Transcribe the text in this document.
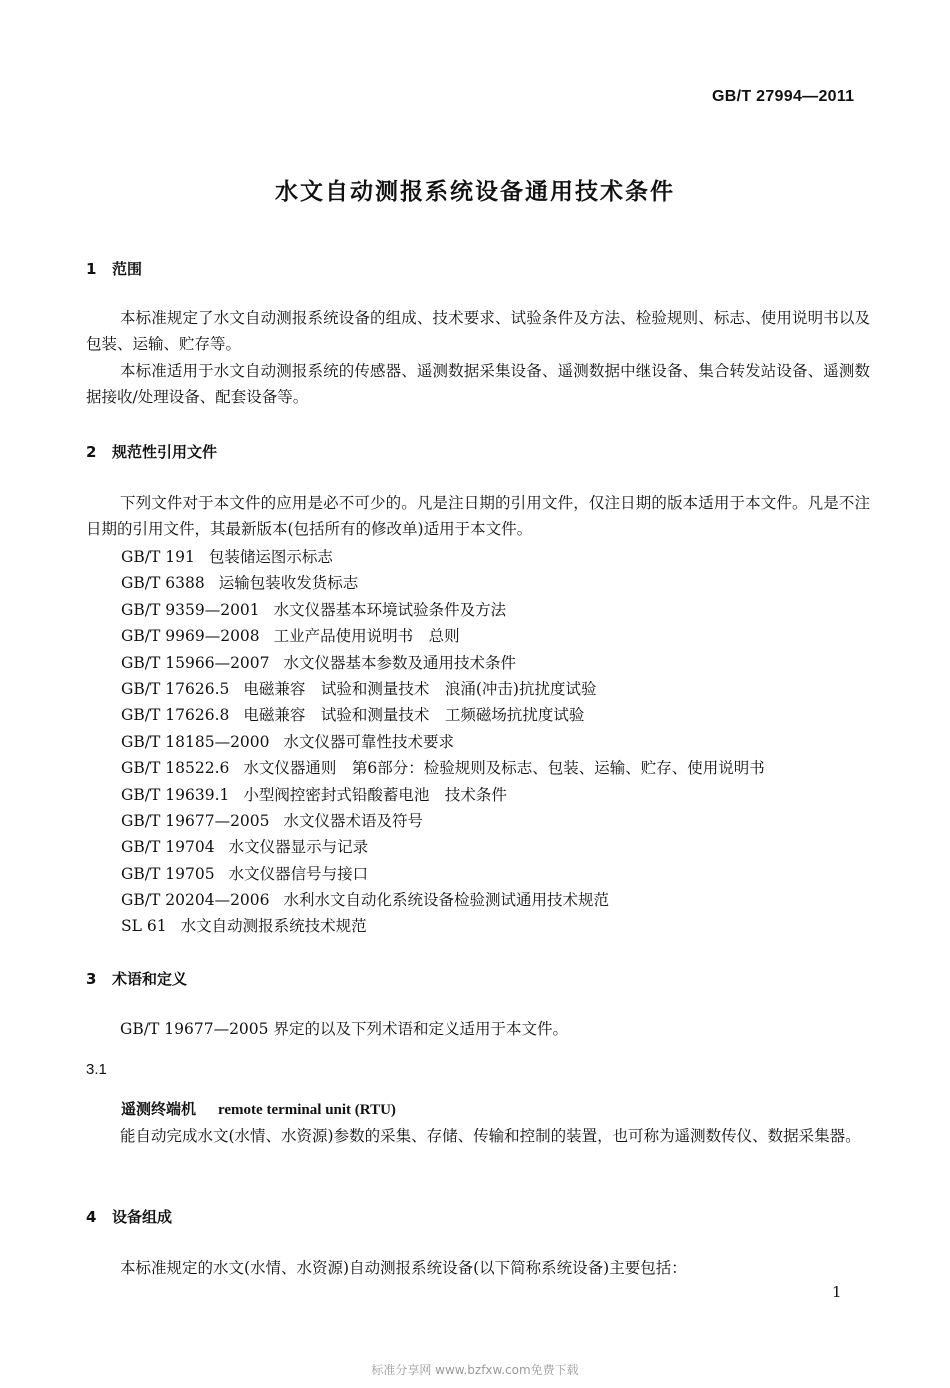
GB/T 27994—2011
水文自动测报系统设备通用技术条件
1 范围
本标准规定了水文自动测报系统设备的组成、技术要求、试验条件及方法、检验规则、标志、使用说明书以及包装、运输、贮存等。
本标准适用于水文自动测报系统的传感器、遥测数据采集设备、遥测数据中继设备、集合转发站设备、遥测数据接收/处理设备、配套设备等。
2 规范性引用文件
下列文件对于本文件的应用是必不可少的。凡是注日期的引用文件，仅注日期的版本适用于本文件。凡是不注日期的引用文件，其最新版本(包括所有的修改单)适用于本文件。
GB/T 191 包装储运图示标志
GB/T 6388 运输包装收发货标志
GB/T 9359—2001 水文仪器基本环境试验条件及方法
GB/T 9969—2008 工业产品使用说明书　总则
GB/T 15966—2007 水文仪器基本参数及通用技术条件
GB/T 17626.5 电磁兼容　试验和测量技术　浪涌(冲击)抗扰度试验
GB/T 17626.8 电磁兼容　试验和测量技术　工频磁场抗扰度试验
GB/T 18185—2000 水文仪器可靠性技术要求
GB/T 18522.6 水文仪器通则　第6部分：检验规则及标志、包装、运输、贮存、使用说明书
GB/T 19639.1 小型阀控密封式铅酸蓄电池　技术条件
GB/T 19677—2005 水文仪器术语及符号
GB/T 19704 水文仪器显示与记录
GB/T 19705 水文仪器信号与接口
GB/T 20204—2006 水利水文自动化系统设备检验测试通用技术规范
SL 61 水文自动测报系统技术规范
3 术语和定义
GB/T 19677—2005 界定的以及下列术语和定义适用于本文件。
3.1
遥测终端机 remote terminal unit (RTU)
能自动完成水文(水情、水资源)参数的采集、存储、传输和控制的装置，也可称为遥测数传仪、数据采集器。
4 设备组成
本标准规定的水文(水情、水资源)自动测报系统设备(以下简称系统设备)主要包括：
1
标准分享网 www.bzfxw.com免费下载
